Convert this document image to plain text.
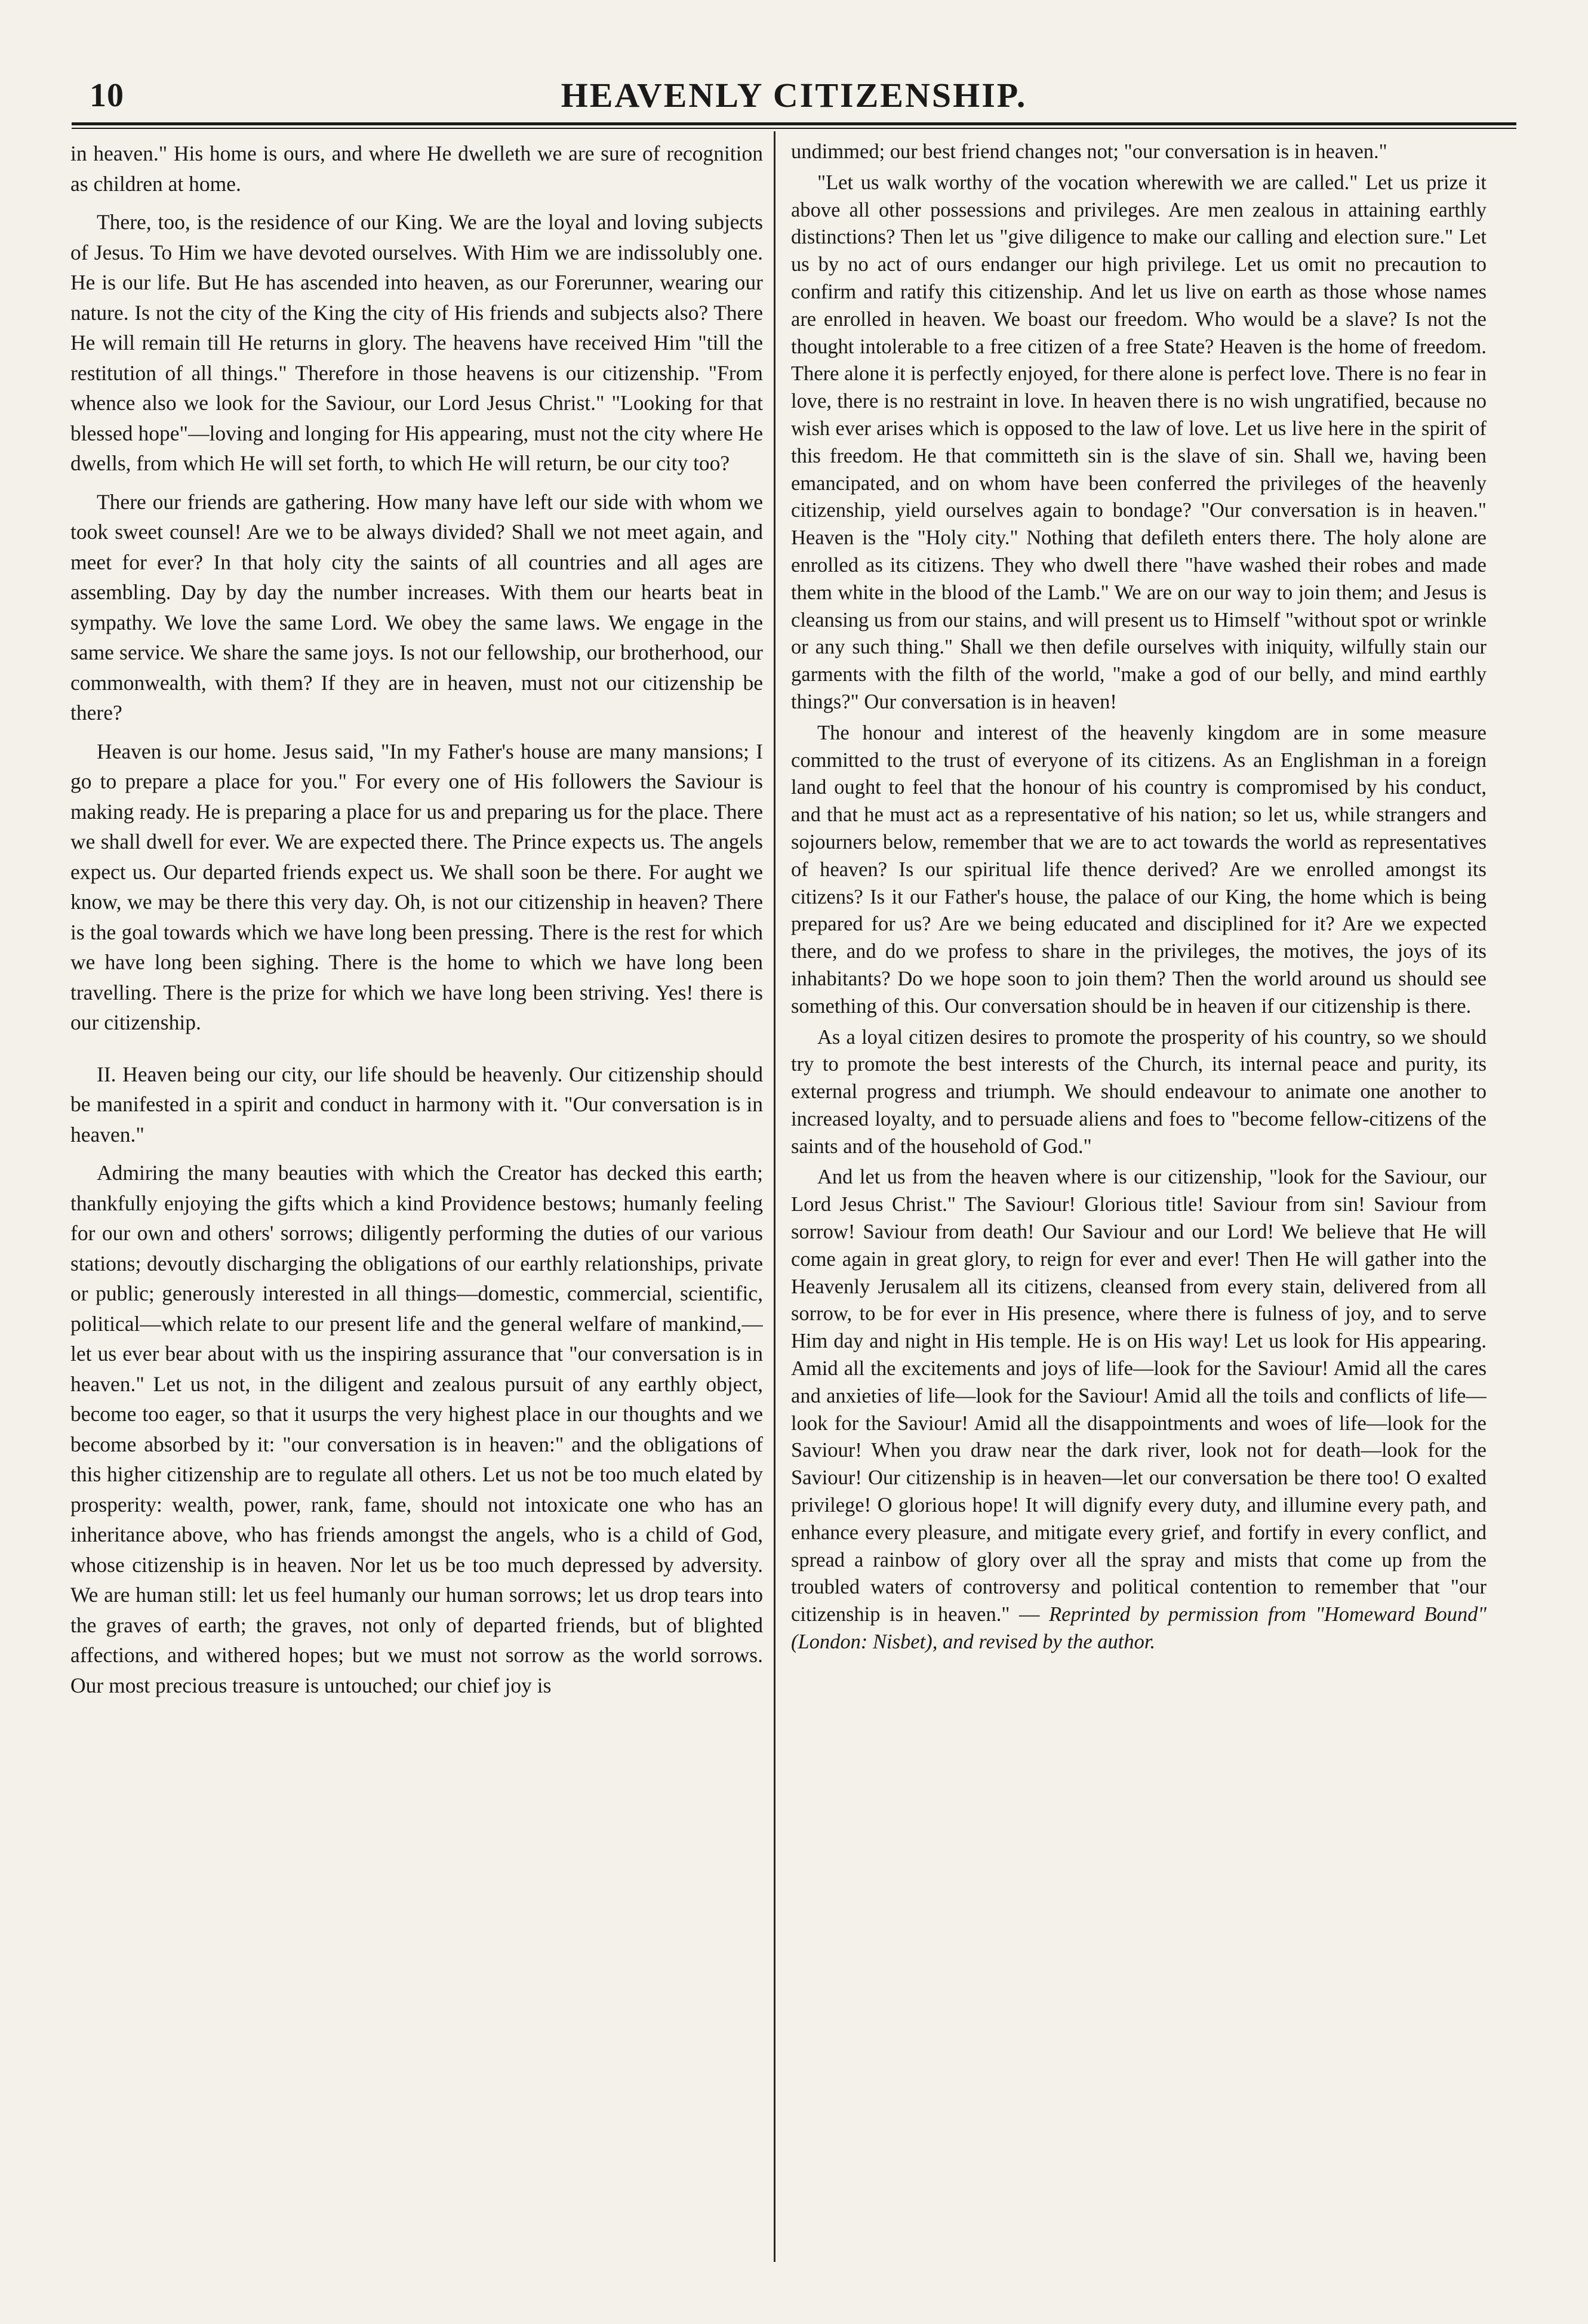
10	HEAVENLY CITIZENSHIP.

in heaven." His home is ours, and where He dwelleth we are sure of recognition as children at home.

There, too, is the residence of our King. We are the loyal and loving subjects of Jesus. To Him we have devoted ourselves. With Him we are indissolubly one. He is our life. But He has ascended into heaven, as our Forerunner, wearing our nature. Is not the city of the King the city of His friends and subjects also? There He will remain till He returns in glory. The heavens have received Him "till the restitution of all things." Therefore in those heavens is our citizenship. "From whence also we look for the Saviour, our Lord Jesus Christ." "Looking for that blessed hope"—loving and longing for His appearing, must not the city where He dwells, from which He will set forth, to which He will return, be our city too?

There our friends are gathering. How many have left our side with whom we took sweet counsel! Are we to be always divided? Shall we not meet again, and meet for ever? In that holy city the saints of all countries and all ages are assembling. Day by day the number increases. With them our hearts beat in sympathy. We love the same Lord. We obey the same laws. We engage in the same service. We share the same joys. Is not our fellowship, our brotherhood, our commonwealth, with them? If they are in heaven, must not our citizenship be there?

Heaven is our home. Jesus said, "In my Father's house are many mansions; I go to prepare a place for you." For every one of His followers the Saviour is making ready. He is preparing a place for us and preparing us for the place. There we shall dwell for ever. We are expected there. The Prince expects us. The angels expect us. Our departed friends expect us. We shall soon be there. For aught we know, we may be there this very day. Oh, is not our citizenship in heaven? There is the goal towards which we have long been pressing. There is the rest for which we have long been sighing. There is the home to which we have long been travelling. There is the prize for which we have long been striving. Yes! there is our citizenship.

II. Heaven being our city, our life should be heavenly. Our citizenship should be manifested in a spirit and conduct in harmony with it. "Our conversation is in heaven."

Admiring the many beauties with which the Creator has decked this earth; thankfully enjoying the gifts which a kind Providence bestows; humanly feeling for our own and others' sorrows; diligently performing the duties of our various stations; devoutly discharging the obligations of our earthly relationships, private or public; generously interested in all things—domestic, commercial, scientific, political—which relate to our present life and the general welfare of mankind,—let us ever bear about with us the inspiring assurance that "our conversation is in heaven." Let us not, in the diligent and zealous pursuit of any earthly object, become too eager, so that it usurps the very highest place in our thoughts and we become absorbed by it: "our conversation is in heaven:" and the obligations of this higher citizenship are to regulate all others. Let us not be too much elated by prosperity: wealth, power, rank, fame, should not intoxicate one who has an inheritance above, who has friends amongst the angels, who is a child of God, whose citizenship is in heaven. Nor let us be too much depressed by adversity. We are human still: let us feel humanly our human sorrows; let us drop tears into the graves of earth; the graves, not only of departed friends, but of blighted affections, and withered hopes; but we must not sorrow as the world sorrows. Our most precious treasure is untouched; our chief joy is

undimmed; our best friend changes not; "our conversation is in heaven."

"Let us walk worthy of the vocation wherewith we are called." Let us prize it above all other possessions and privileges. Are men zealous in attaining earthly distinctions? Then let us "give diligence to make our calling and election sure." Let us by no act of ours endanger our high privilege. Let us omit no precaution to confirm and ratify this citizenship. And let us live on earth as those whose names are enrolled in heaven. We boast our freedom. Who would be a slave? Is not the thought intolerable to a free citizen of a free State? Heaven is the home of freedom. There alone it is perfectly enjoyed, for there alone is perfect love. There is no fear in love, there is no restraint in love. In heaven there is no wish ungratified, because no wish ever arises which is opposed to the law of love. Let us live here in the spirit of this freedom. He that committeth sin is the slave of sin. Shall we, having been emancipated, and on whom have been conferred the privileges of the heavenly citizenship, yield ourselves again to bondage? "Our conversation is in heaven." Heaven is the "Holy city." Nothing that defileth enters there. The holy alone are enrolled as its citizens. They who dwell there "have washed their robes and made them white in the blood of the Lamb." We are on our way to join them; and Jesus is cleansing us from our stains, and will present us to Himself "without spot or wrinkle or any such thing." Shall we then defile ourselves with iniquity, wilfully stain our garments with the filth of the world, "make a god of our belly, and mind earthly things?" Our conversation is in heaven!

The honour and interest of the heavenly kingdom are in some measure committed to the trust of everyone of its citizens. As an Englishman in a foreign land ought to feel that the honour of his country is compromised by his conduct, and that he must act as a representative of his nation; so let us, while strangers and sojourners below, remember that we are to act towards the world as representatives of heaven? Is our spiritual life thence derived? Are we enrolled amongst its citizens? Is it our Father's house, the palace of our King, the home which is being prepared for us? Are we being educated and disciplined for it? Are we expected there, and do we profess to share in the privileges, the motives, the joys of its inhabitants? Do we hope soon to join them? Then the world around us should see something of this. Our conversation should be in heaven if our citizenship is there.

As a loyal citizen desires to promote the prosperity of his country, so we should try to promote the best interests of the Church, its internal peace and purity, its external progress and triumph. We should endeavour to animate one another to increased loyalty, and to persuade aliens and foes to "become fellow-citizens of the saints and of the household of God."

And let us from the heaven where is our citizenship, "look for the Saviour, our Lord Jesus Christ." The Saviour! Glorious title! Saviour from sin! Saviour from sorrow! Saviour from death! Our Saviour and our Lord! We believe that He will come again in great glory, to reign for ever and ever! Then He will gather into the Heavenly Jerusalem all its citizens, cleansed from every stain, delivered from all sorrow, to be for ever in His presence, where there is fulness of joy, and to serve Him day and night in His temple. He is on His way! Let us look for His appearing. Amid all the excitements and joys of life—look for the Saviour! Amid all the cares and anxieties of life—look for the Saviour! Amid all the toils and conflicts of life—look for the Saviour! Amid all the disappointments and woes of life—look for the Saviour! When you draw near the dark river, look not for death—look for the Saviour! Our citizenship is in heaven—let our conversation be there too! O exalted privilege! O glorious hope! It will dignify every duty, and illumine every path, and enhance every pleasure, and mitigate every grief, and fortify in every conflict, and spread a rainbow of glory over all the spray and mists that come up from the troubled waters of controversy and political contention to remember that "our citizenship is in heaven." — Reprinted by permission from "Homeward Bound" (London: Nisbet), and revised by the author.
